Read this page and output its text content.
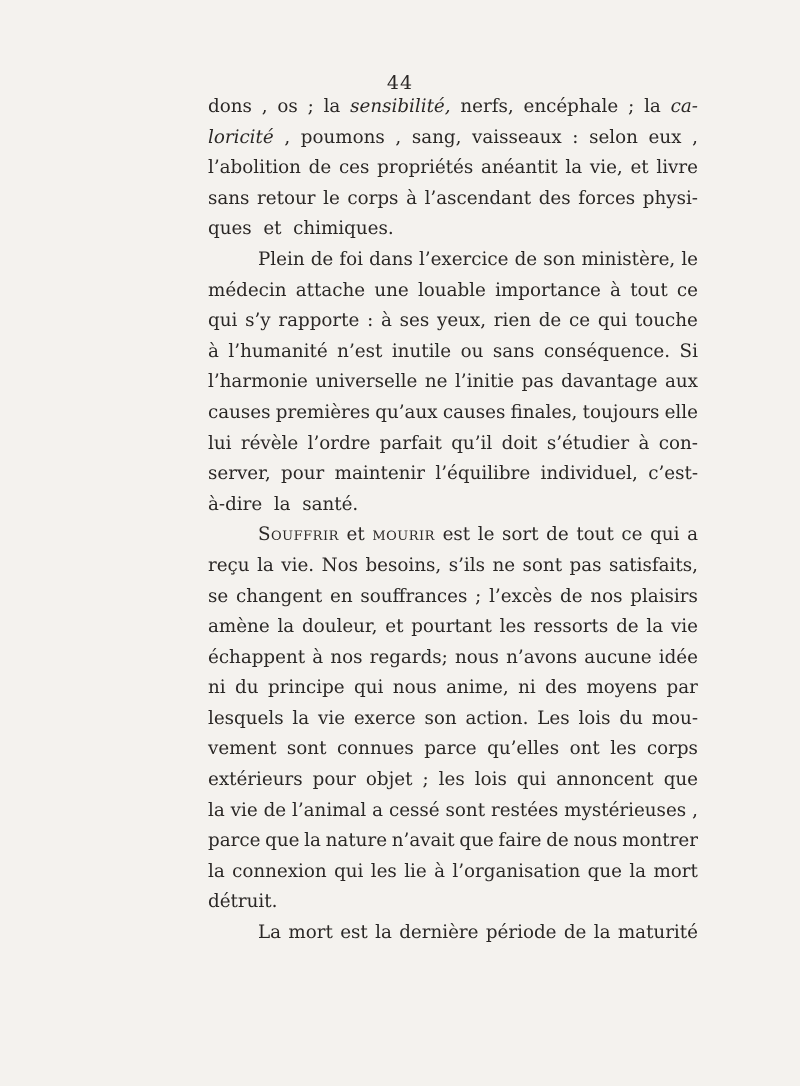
44
dons , os ; la sensibilité, nerfs, encéphale ; la ca-
loricité , poumons , sang, vaisseaux : selon eux ,
l’abolition de ces propriétés anéantit la vie, et livre
sans retour le corps à l’ascendant des forces physi-
ques
et
chimiques.
Plein de foi dans l’exercice de son ministère, le
médecin attache une louable importance à tout ce
qui s’y rapporte : à ses yeux, rien de ce qui touche
à l’humanité n’est inutile ou sans conséquence. Si
l’harmonie universelle ne l’initie pas davantage aux
causes premières qu’aux causes finales, toujours elle
lui révèle l’ordre parfait qu’il doit s’étudier à con-
server, pour maintenir l’équilibre individuel, c’est-
à-dire
la
santé.
Souffrir et mourir est le sort de tout ce qui a
reçu la vie. Nos besoins, s’ils ne sont pas satisfaits,
se changent en souffrances ; l’excès de nos plaisirs
amène la douleur, et pourtant les ressorts de la vie
échappent à nos regards; nous n’avons aucune idée
ni du principe qui nous anime, ni des moyens par
lesquels la vie exerce son action. Les lois du mou-
vement sont connues parce qu’elles ont les corps
extérieurs pour objet ; les lois qui annoncent que
la vie de l’animal a cessé sont restées mystérieuses ,
parce que la nature n’avait que faire de nous montrer
la connexion qui les lie à l’organisation que la mort
détruit.
La mort est la dernière période de la maturité
